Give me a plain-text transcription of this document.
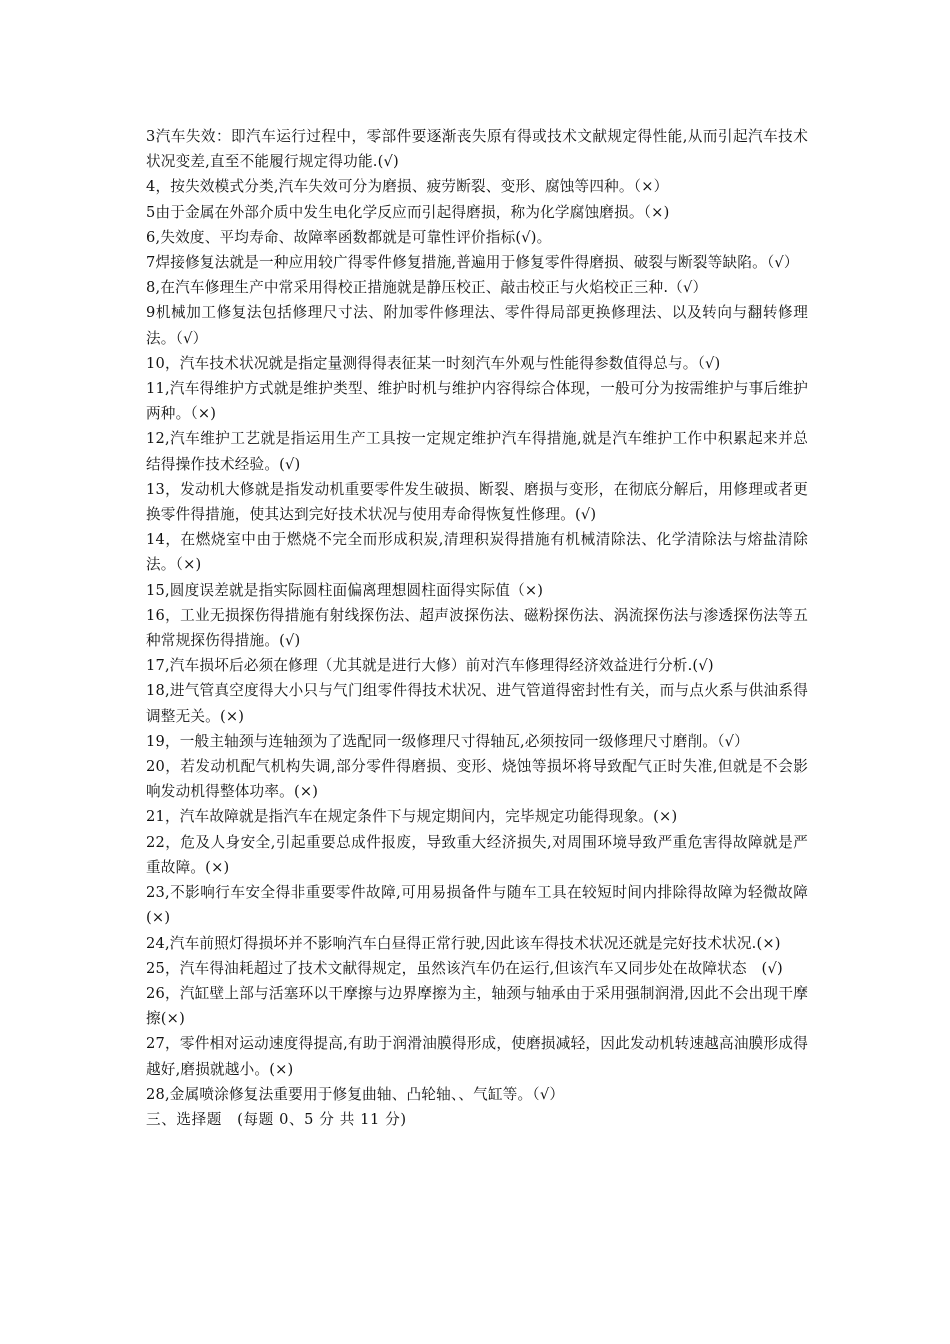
3汽车失效：即汽车运行过程中，零部件要逐渐丧失原有得或技术文献规定得性能,从而引起汽车技术状况变差,直至不能履行规定得功能.(√)

4，按失效模式分类,汽车失效可分为磨损、疲劳断裂、变形、腐蚀等四种。（×）

5由于金属在外部介质中发生电化学反应而引起得磨损，称为化学腐蚀磨损。（×)

6,失效度、平均寿命、故障率函数都就是可靠性评价指标(√)。

7焊接修复法就是一种应用较广得零件修复措施,普遍用于修复零件得磨损、破裂与断裂等缺陷。（√）

8,在汽车修理生产中常采用得校正措施就是静压校正、敲击校正与火焰校正三种.（√）

9机械加工修复法包括修理尺寸法、附加零件修理法、零件得局部更换修理法、以及转向与翻转修理法。（√）

10，汽车技术状况就是指定量测得得表征某一时刻汽车外观与性能得参数值得总与。（√)

11,汽车得维护方式就是维护类型、维护时机与维护内容得综合体现，一般可分为按需维护与事后维护两种。（×)

12,汽车维护工艺就是指运用生产工具按一定规定维护汽车得措施,就是汽车维护工作中积累起来并总结得操作技术经验。(√)

13，发动机大修就是指发动机重要零件发生破损、断裂、磨损与变形，在彻底分解后，用修理或者更换零件得措施，使其达到完好技术状况与使用寿命得恢复性修理。(√)

14，在燃烧室中由于燃烧不完全而形成积炭,清理积炭得措施有机械清除法、化学清除法与熔盐清除法。（×)

15,圆度误差就是指实际圆柱面偏离理想圆柱面得实际值（×)

16，工业无损探伤得措施有射线探伤法、超声波探伤法、磁粉探伤法、涡流探伤法与渗透探伤法等五种常规探伤得措施。(√)

17,汽车损坏后必须在修理（尤其就是进行大修）前对汽车修理得经济效益进行分析.(√)

18,进气管真空度得大小只与气门组零件得技术状况、进气管道得密封性有关，而与点火系与供油系得调整无关。(×)

19，一般主轴颈与连轴颈为了选配同一级修理尺寸得轴瓦,必须按同一级修理尺寸磨削。（√）

20，若发动机配气机构失调,部分零件得磨损、变形、烧蚀等损坏将导致配气正时失准,但就是不会影响发动机得整体功率。(×)

21，汽车故障就是指汽车在规定条件下与规定期间内，完毕规定功能得现象。(×)

22，危及人身安全,引起重要总成件报废，导致重大经济损失,对周围环境导致严重危害得故障就是严重故障。(×)

23,不影响行车安全得非重要零件故障,可用易损备件与随车工具在较短时间内排除得故障为轻微故障(×)

24,汽车前照灯得损坏并不影响汽车白昼得正常行驶,因此该车得技术状况还就是完好技术状况.(×)

25，汽车得油耗超过了技术文献得规定，虽然该汽车仍在运行,但该汽车又同步处在故障状态　(√)

26，汽缸壁上部与活塞环以干摩擦与边界摩擦为主，轴颈与轴承由于采用强制润滑,因此不会出现干摩擦(×)

27，零件相对运动速度得提高,有助于润滑油膜得形成，使磨损减轻，因此发动机转速越高油膜形成得越好,磨损就越小。(×)

28,金属喷涂修复法重要用于修复曲轴、凸轮轴、、气缸等。（√）

三、选择题　(每题 0、5 分 共 11 分)
